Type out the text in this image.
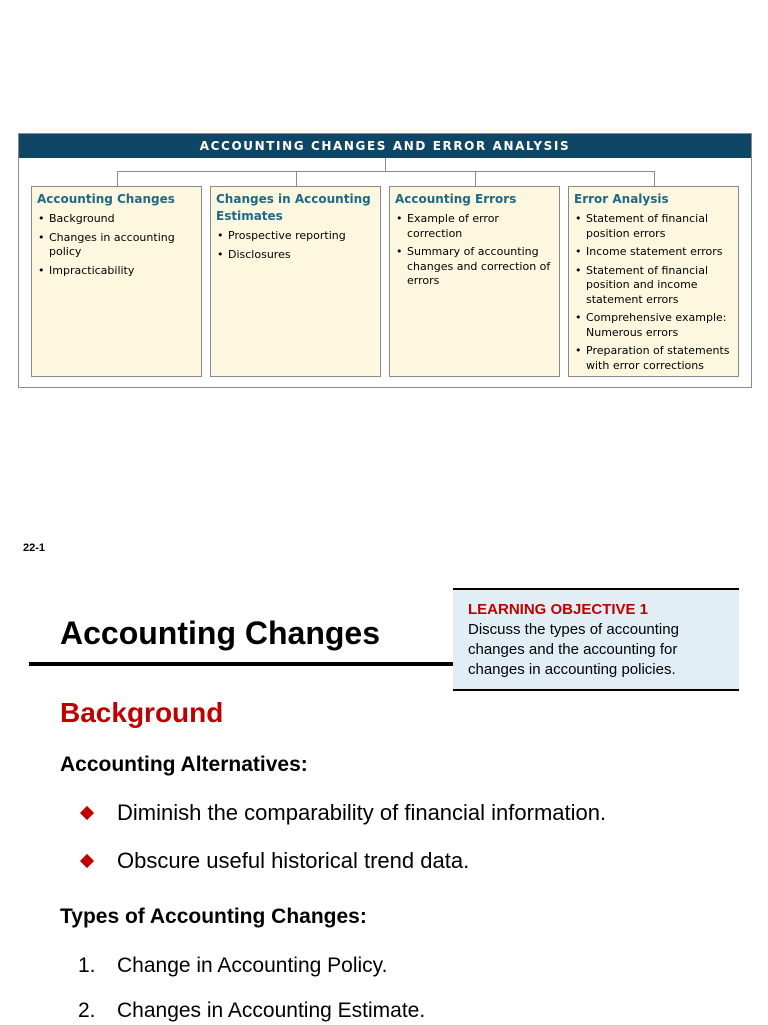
ACCOUNTING CHANGES AND ERROR ANALYSIS
Accounting Changes
• Background
• Changes in accounting policy
• Impracticability
Changes in Accounting Estimates
• Prospective reporting
• Disclosures
Accounting Errors
• Example of error correction
• Summary of accounting changes and correction of errors
Error Analysis
• Statement of financial position errors
• Income statement errors
• Statement of financial position and income statement errors
• Comprehensive example: Numerous errors
• Preparation of statements with error corrections
22-1
LEARNING OBJECTIVE 1
Discuss the types of accounting changes and the accounting for changes in accounting policies.
Accounting Changes
Background
Accounting Alternatives:
Diminish the comparability of financial information.
Obscure useful historical trend data.
Types of Accounting Changes:
1. Change in Accounting Policy.
2. Changes in Accounting Estimate.
